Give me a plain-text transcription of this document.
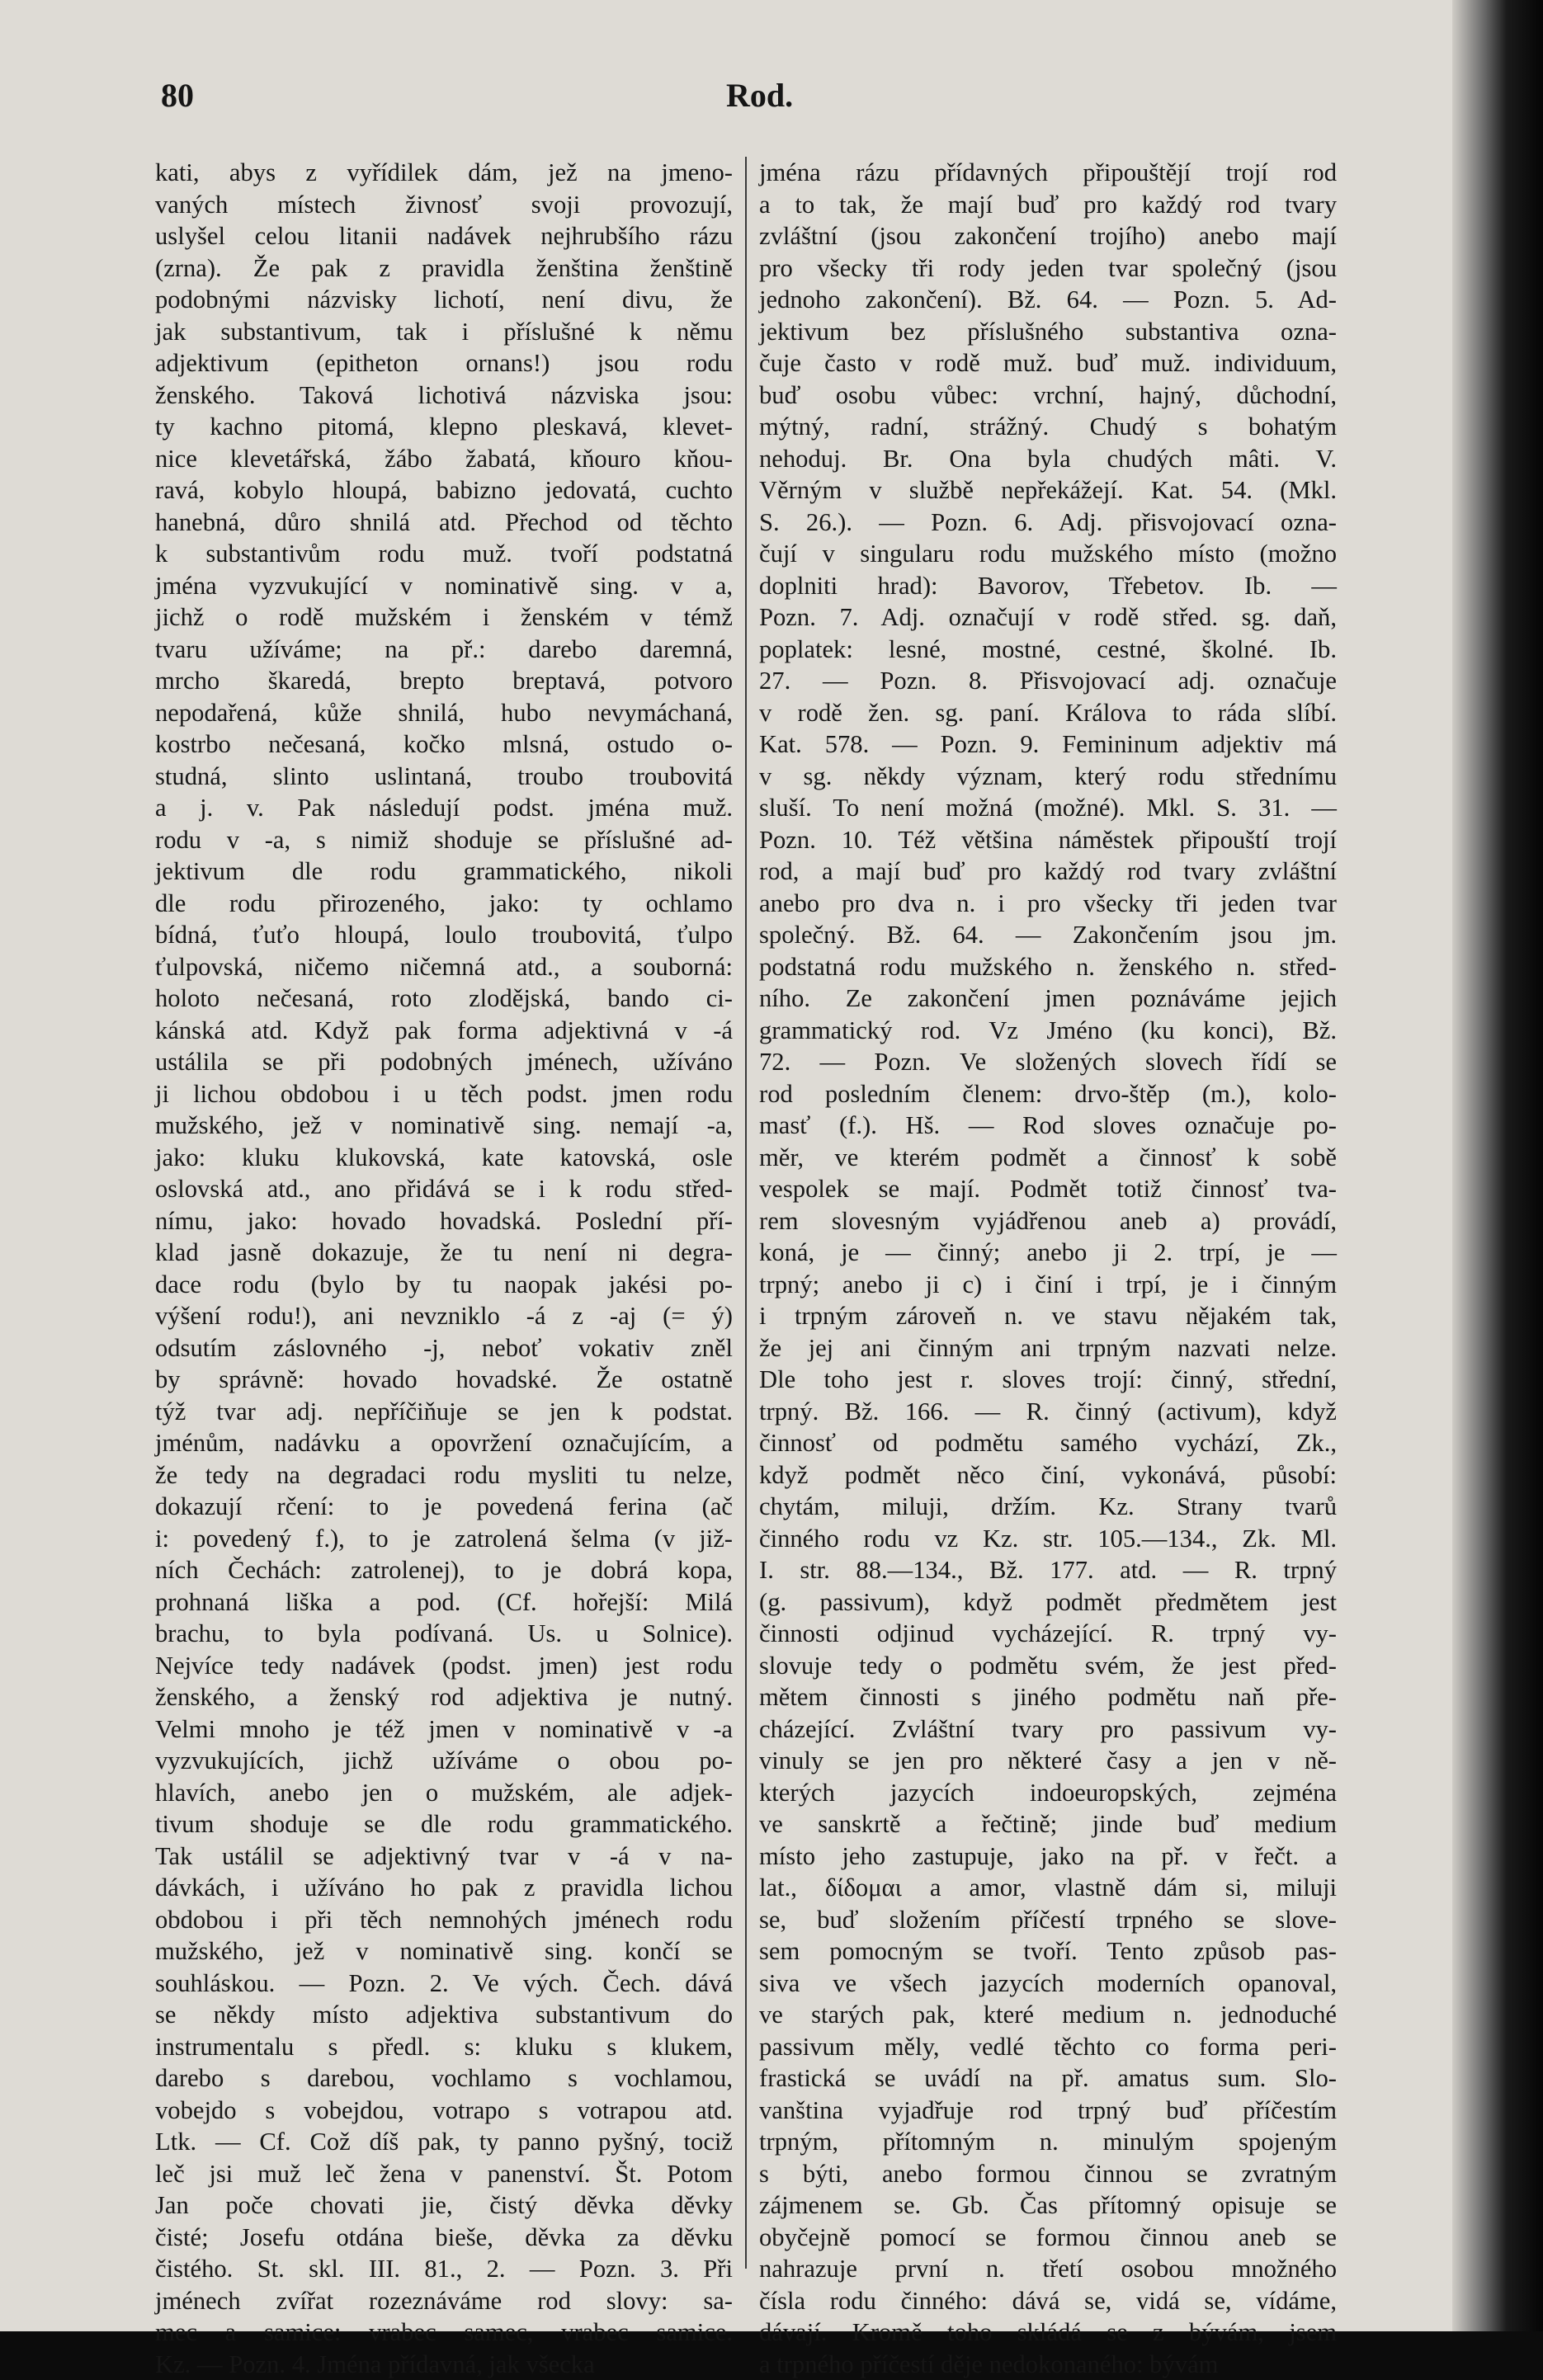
80	Rod.
kati, abys z vyřídilek dám, jež na jmeno-
vaných místech živnosť svoji provozují,
uslyšel celou litanii nadávek nejhrubšího rázu
(zrna). Že pak z pravidla ženština ženštině
podobnými názvisky lichotí, není divu, že
jak substantivum, tak i příslušné k němu
adjektivum (epitheton ornans!) jsou rodu
ženského. Taková lichotivá názviska jsou:
ty kachno pitomá, klepno pleskavá, klevet-
nice klevetářská, žábo žabatá, kňouro kňou-
ravá, kobylo hloupá, babizno jedovatá, cuchto
hanebná, důro shnilá atd. Přechod od těchto
k substantivům rodu muž. tvoří podstatná
jména vyzvukující v nominativě sing. v a,
jichž o rodě mužském i ženském v témž
tvaru užíváme; na př.: darebo daremná,
mrcho škaredá, brepto breptavá, potvoro
nepodařená, kůže shnilá, hubo nevymáchaná,
kostrbo nečesaná, kočko mlsná, ostudo o-
studná, slinto uslintaná, troubo troubovitá
a j. v. Pak následují podst. jména muž.
rodu v -a, s nimiž shoduje se příslušné ad-
jektivum dle rodu grammatického, nikoli
dle rodu přirozeného, jako: ty ochlamo
bídná, ťuťo hloupá, loulo troubovitá, ťulpo
ťulpovská, ničemo ničemná atd., a souborná:
holoto nečesaná, roto zlodějská, bando ci-
kánská atd. Když pak forma adjektivná v -á
ustálila se při podobných jménech, užíváno
ji lichou obdobou i u těch podst. jmen rodu
mužského, jež v nominativě sing. nemají -a,
jako: kluku klukovská, kate katovská, osle
oslovská atd., ano přidává se i k rodu střed-
nímu, jako: hovado hovadská. Poslední pří-
klad jasně dokazuje, že tu není ni degra-
dace rodu (bylo by tu naopak jakési po-
výšení rodu!), ani nevzniklo -á z -aj (= ý)
odsutím záslovného -j, neboť vokativ zněl
by správně: hovado hovadské. Že ostatně
týž tvar adj. nepříčiňuje se jen k podstat.
jménům, nadávku a opovržení označujícím, a
že tedy na degradaci rodu mysliti tu nelze,
dokazují rčení: to je povedená ferina (ač
i: povedený f.), to je zatrolená šelma (v již-
ních Čechách: zatrolenej), to je dobrá kopa,
prohnaná liška a pod. (Cf. hořejší: Milá
brachu, to byla podívaná. Us. u Solnice).
Nejvíce tedy nadávek (podst. jmen) jest rodu
ženského, a ženský rod adjektiva je nutný.
Velmi mnoho je též jmen v nominativě v -a
vyzvukujících, jichž užíváme o obou po-
hlavích, anebo jen o mužském, ale adjek-
tivum shoduje se dle rodu grammatického.
Tak ustálil se adjektivný tvar v -á v na-
dávkách, i užíváno ho pak z pravidla lichou
obdobou i při těch nemnohých jménech rodu
mužského, jež v nominativě sing. končí se
souhláskou. — Pozn. 2. Ve vých. Čech. dává
se někdy místo adjektiva substantivum do
instrumentalu s předl. s: kluku s klukem,
darebo s darebou, vochlamo s vochlamou,
vobejdo s vobejdou, votrapo s votrapou atd.
Ltk. — Cf. Což díš pak, ty panno pyšný, tociž
leč jsi muž leč žena v panenství. Št. Potom
Jan poče chovati jie, čistý děvka děvky
čisté; Josefu otdána bieše, děvka za děvku
čistého. St. skl. III. 81., 2. — Pozn. 3. Při
jménech zvířat rozeznáváme rod slovy: sa-
mec a samice: vrabec samec, vrabec samice.
Kz. — Pozn. 4. Jména přídavná, jak všecka
jména rázu přídavných připouštějí trojí rod
a to tak, že mají buď pro každý rod tvary
zvláštní (jsou zakončení trojího) anebo mají
pro všecky tři rody jeden tvar společný (jsou
jednoho zakončení). Bž. 64. — Pozn. 5. Ad-
jektivum bez příslušného substantiva ozna-
čuje často v rodě muž. buď muž. individuum,
buď osobu vůbec: vrchní, hajný, důchodní,
mýtný, radní, strážný. Chudý s bohatým
nehoduj. Br. Ona byla chudých mâti. V.
Věrným v službě nepřekážejí. Kat. 54. (Mkl.
S. 26.). — Pozn. 6. Adj. přisvojovací ozna-
čují v singularu rodu mužského místo (možno
doplniti hrad): Bavorov, Třebetov. Ib. —
Pozn. 7. Adj. označují v rodě střed. sg. daň,
poplatek: lesné, mostné, cestné, školné. Ib.
27. — Pozn. 8. Přisvojovací adj. označuje
v rodě žen. sg. paní. Králova to ráda slíbí.
Kat. 578. — Pozn. 9. Femininum adjektiv má
v sg. někdy význam, který rodu střednímu
sluší. To není možná (možné). Mkl. S. 31. —
Pozn. 10. Též většina náměstek připouští trojí
rod, a mají buď pro každý rod tvary zvláštní
anebo pro dva n. i pro všecky tři jeden tvar
společný. Bž. 64. — Zakončením jsou jm.
podstatná rodu mužského n. ženského n. střed-
ního. Ze zakončení jmen poznáváme jejich
grammatický rod. Vz Jméno (ku konci), Bž.
72. — Pozn. Ve složených slovech řídí se
rod posledním členem: drvo-štěp (m.), kolo-
masť (f.). Hš. — Rod sloves označuje po-
měr, ve kterém podmět a činnosť k sobě
vespolek se mají. Podmět totiž činnosť tva-
rem slovesným vyjádřenou aneb a) provádí,
koná, je — činný; anebo ji 2. trpí, je —
trpný; anebo ji c) i činí i trpí, je i činným
i trpným zároveň n. ve stavu nějakém tak,
že jej ani činným ani trpným nazvati nelze.
Dle toho jest r. sloves trojí: činný, střední,
trpný. Bž. 166. — R. činný (activum), když
činnosť od podmětu samého vychází, Zk.,
když podmět něco činí, vykonává, působí:
chytám, miluji, držím. Kz. Strany tvarů
činného rodu vz Kz. str. 105.—134., Zk. Ml.
I. str. 88.—134., Bž. 177. atd. — R. trpný
(g. passivum), když podmět předmětem jest
činnosti odjinud vycházející. R. trpný vy-
slovuje tedy o podmětu svém, že jest před-
mětem činnosti s jiného podmětu naň pře-
cházející. Zvláštní tvary pro passivum vy-
vinuly se jen pro některé časy a jen v ně-
kterých jazycích indoeuropských, zejména
ve sanskrtě a řečtině; jinde buď medium
místo jeho zastupuje, jako na př. v řečt. a
lat., δίδομαι a amor, vlastně dám si, miluji
se, buď složením příčestí trpného se slove-
sem pomocným se tvoří. Tento způsob pas-
siva ve všech jazycích moderních opanoval,
ve starých pak, které medium n. jednoduché
passivum měly, vedlé těchto co forma peri-
frastická se uvádí na př. amatus sum. Slo-
vanština vyjadřuje rod trpný buď příčestím
trpným, přítomným n. minulým spojeným
s býti, anebo formou činnou se zvratným
zájmenem se. Gb. Čas přítomný opisuje se
obyčejně pomocí se formou činnou aneb se
nahrazuje první n. třetí osobou množného
čísla rodu činného: dává se, vidá se, vídáme,
dávají. Kromě toho skládá se z bývám, jsem
a trpného příčestí děje nedokonaného: bývám
